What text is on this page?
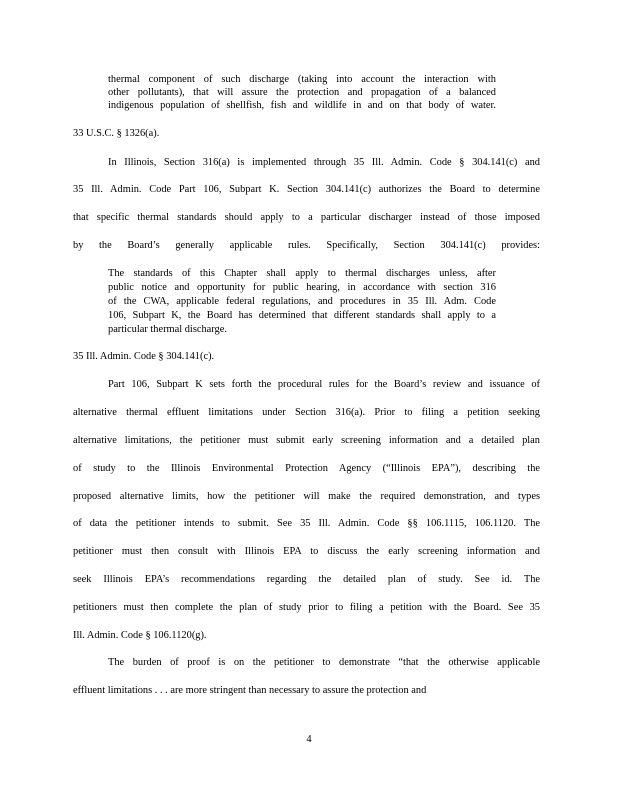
thermal component of such discharge (taking into account the interaction with
other pollutants), that will assure the protection and propagation of a balanced
indigenous population of shellfish, fish and wildlife in and on that body of water.
33 U.S.C. § 1326(a).
In Illinois, Section 316(a) is implemented through 35 Ill. Admin. Code § 304.141(c) and
35 Ill. Admin. Code Part 106, Subpart K. Section 304.141(c) authorizes the Board to determine
that specific thermal standards should apply to a particular discharger instead of those imposed
by the Board’s generally applicable rules. Specifically, Section 304.141(c) provides:
The standards of this Chapter shall apply to thermal discharges unless, after
public notice and opportunity for public hearing, in accordance with section 316
of the CWA, applicable federal regulations, and procedures in 35 Ill. Adm. Code
106, Subpart K, the Board has determined that different standards shall apply to a
particular thermal discharge.
35 Ill. Admin. Code § 304.141(c).
Part 106, Subpart K sets forth the procedural rules for the Board’s review and issuance of
alternative thermal effluent limitations under Section 316(a). Prior to filing a petition seeking
alternative limitations, the petitioner must submit early screening information and a detailed plan
of study to the Illinois Environmental Protection Agency (“Illinois EPA”), describing the
proposed alternative limits, how the petitioner will make the required demonstration, and types
of data the petitioner intends to submit. See 35 Ill. Admin. Code §§ 106.1115, 106.1120. The
petitioner must then consult with Illinois EPA to discuss the early screening information and
seek Illinois EPA’s recommendations regarding the detailed plan of study. See id. The
petitioners must then complete the plan of study prior to filing a petition with the Board. See 35
Ill. Admin. Code § 106.1120(g).
The burden of proof is on the petitioner to demonstrate “that the otherwise applicable
effluent limitations . . . are more stringent than necessary to assure the protection and
4
